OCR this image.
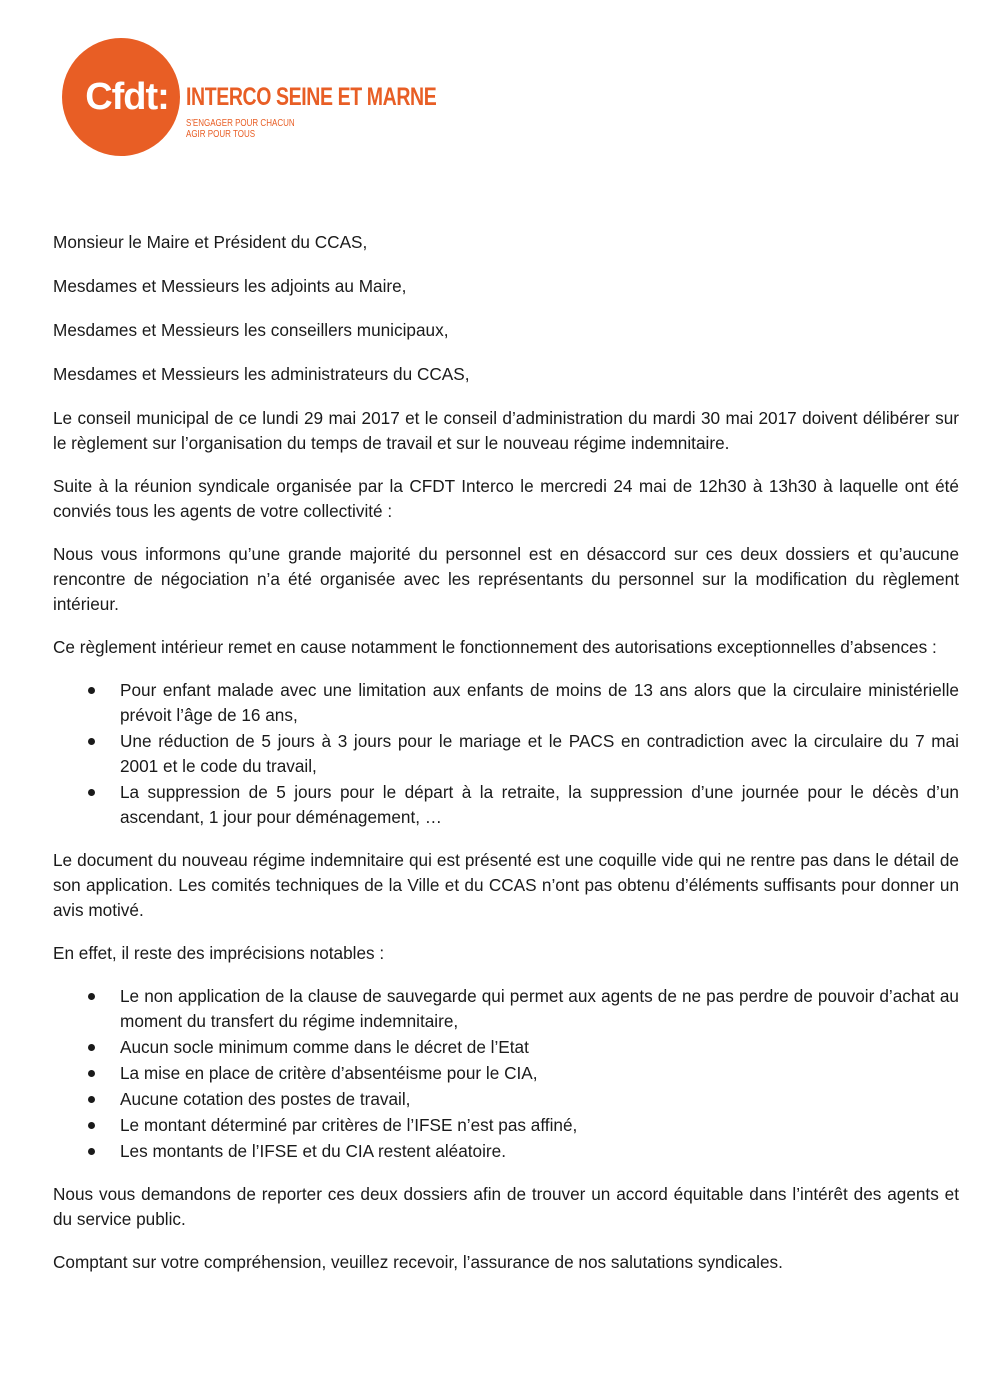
Cfdt: INTERCO SEINE ET MARNE
S'ENGAGER POUR CHACUN
AGIR POUR TOUS

Monsieur le Maire et Président du CCAS,

Mesdames et Messieurs les adjoints au Maire,

Mesdames et Messieurs les conseillers municipaux,

Mesdames et Messieurs les administrateurs du CCAS,

Le conseil municipal de ce lundi 29 mai 2017 et le conseil d’administration du mardi 30 mai 2017 doivent délibérer sur le règlement sur l’organisation du temps de travail et sur le nouveau régime indemnitaire.

Suite à la réunion syndicale organisée par la CFDT Interco le mercredi 24 mai de 12h30 à 13h30 à laquelle ont été conviés tous les agents de votre collectivité :

Nous vous informons qu’une grande majorité du personnel est en désaccord sur ces deux dossiers et qu’aucune rencontre de négociation n’a été organisée avec les représentants du personnel sur la modification du règlement intérieur.

Ce règlement intérieur remet en cause notamment le fonctionnement des autorisations exceptionnelles d’absences :

Pour enfant malade avec une limitation aux enfants de moins de 13 ans alors que la circulaire ministérielle prévoit l’âge de 16 ans,
Une réduction de 5 jours à 3 jours pour le mariage et le PACS en contradiction avec la circulaire du 7 mai 2001 et le code du travail,
La suppression de 5 jours pour le départ à la retraite, la suppression d’une journée pour le décès d’un ascendant, 1 jour pour déménagement, …

Le document du nouveau régime indemnitaire qui est présenté est une coquille vide qui ne rentre pas dans le détail de son application. Les comités techniques de la Ville et du CCAS n’ont pas obtenu d’éléments suffisants pour donner un avis motivé.

En effet, il reste des imprécisions notables :

Le non application de la clause de sauvegarde qui permet aux agents de ne pas perdre de pouvoir d’achat au moment du transfert du régime indemnitaire,
Aucun socle minimum comme dans le décret de l’Etat
La mise en place de critère d’absentéisme pour le CIA,
Aucune cotation des postes de travail,
Le montant déterminé par critères de l’IFSE n’est pas affiné,
Les montants de l’IFSE et du CIA restent aléatoire.

Nous vous demandons de reporter ces deux dossiers afin de trouver un accord équitable dans l’intérêt des agents et du service public.

Comptant sur votre compréhension, veuillez recevoir, l’assurance de nos salutations syndicales.
